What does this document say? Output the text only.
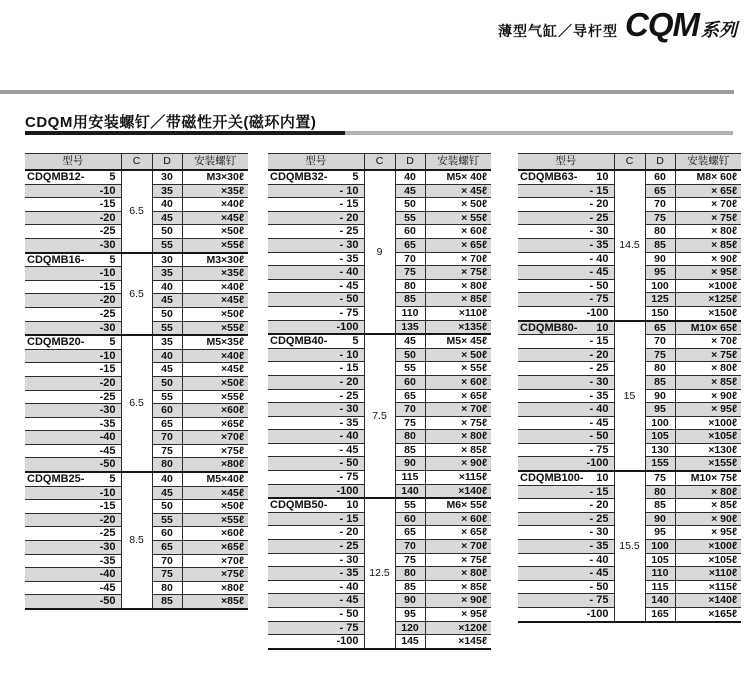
薄型气缸／导杆型 CQM 系列
CDQM用安装螺钉／带磁性开关(磁环内置)
型号	C	D	安装螺钉

CDQMB12- 5	6.5	30	M3×30ℓ
-10		35	×35ℓ
-15		40	×40ℓ
-20		45	×45ℓ
-25		50	×50ℓ
-30		55	×55ℓ

CDQMB16- 5	6.5	30	M3×30ℓ
-10		35	×35ℓ
-15		40	×40ℓ
-20		45	×45ℓ
-25		50	×50ℓ
-30		55	×55ℓ

CDQMB20- 5	6.5	35	M5×35ℓ
-10		40	×40ℓ
-15		45	×45ℓ
-20		50	×50ℓ
-25		55	×55ℓ
-30		60	×60ℓ
-35		65	×65ℓ
-40		70	×70ℓ
-45		75	×75ℓ
-50		80	×80ℓ

CDQMB25- 5	8.5	40	M5×40ℓ
-10		45	×45ℓ
-15		50	×50ℓ
-20		55	×55ℓ
-25		60	×60ℓ
-30		65	×65ℓ
-35		70	×70ℓ
-40		75	×75ℓ
-45		80	×80ℓ
-50		85	×85ℓ
型号	C	D	安装螺钉

CDQMB32- 5	9	40	M5× 40ℓ
- 10		45	× 45ℓ
- 15		50	× 50ℓ
- 20		55	× 55ℓ
- 25		60	× 60ℓ
- 30		65	× 65ℓ
- 35		70	× 70ℓ
- 40		75	× 75ℓ
- 45		80	× 80ℓ
- 50		85	× 85ℓ
- 75		110	×110ℓ
-100		135	×135ℓ

CDQMB40- 5	7.5	45	M5× 45ℓ
- 10		50	× 50ℓ
- 15		55	× 55ℓ
- 20		60	× 60ℓ
- 25		65	× 65ℓ
- 30		70	× 70ℓ
- 35		75	× 75ℓ
- 40		80	× 80ℓ
- 45		85	× 85ℓ
- 50		90	× 90ℓ
- 75		115	×115ℓ
-100		140	×140ℓ

CDQMB50- 10	12.5	55	M6× 55ℓ
- 15		60	× 60ℓ
- 20		65	× 65ℓ
- 25		70	× 70ℓ
- 30		75	× 75ℓ
- 35		80	× 80ℓ
- 40		85	× 85ℓ
- 45		90	× 90ℓ
- 50		95	× 95ℓ
- 75		120	×120ℓ
-100		145	×145ℓ
型号	C	D	安装螺钉

CDQMB63- 10	14.5	60	M8× 60ℓ
- 15		65	× 65ℓ
- 20		70	× 70ℓ
- 25		75	× 75ℓ
- 30		80	× 80ℓ
- 35		85	× 85ℓ
- 40		90	× 90ℓ
- 45		95	× 95ℓ
- 50		100	×100ℓ
- 75		125	×125ℓ
-100		150	×150ℓ

CDQMB80- 10	15	65	M10× 65ℓ
- 15		70	× 70ℓ
- 20		75	× 75ℓ
- 25		80	× 80ℓ
- 30		85	× 85ℓ
- 35		90	× 90ℓ
- 40		95	× 95ℓ
- 45		100	×100ℓ
- 50		105	×105ℓ
- 75		130	×130ℓ
-100		155	×155ℓ

CDQMB100- 10	15.5	75	M10× 75ℓ
- 15		80	× 80ℓ
- 20		85	× 85ℓ
- 25		90	× 90ℓ
- 30		95	× 95ℓ
- 35		100	×100ℓ
- 40		105	×105ℓ
- 45		110	×110ℓ
- 50		115	×115ℓ
- 75		140	×140ℓ
-100		165	×165ℓ
